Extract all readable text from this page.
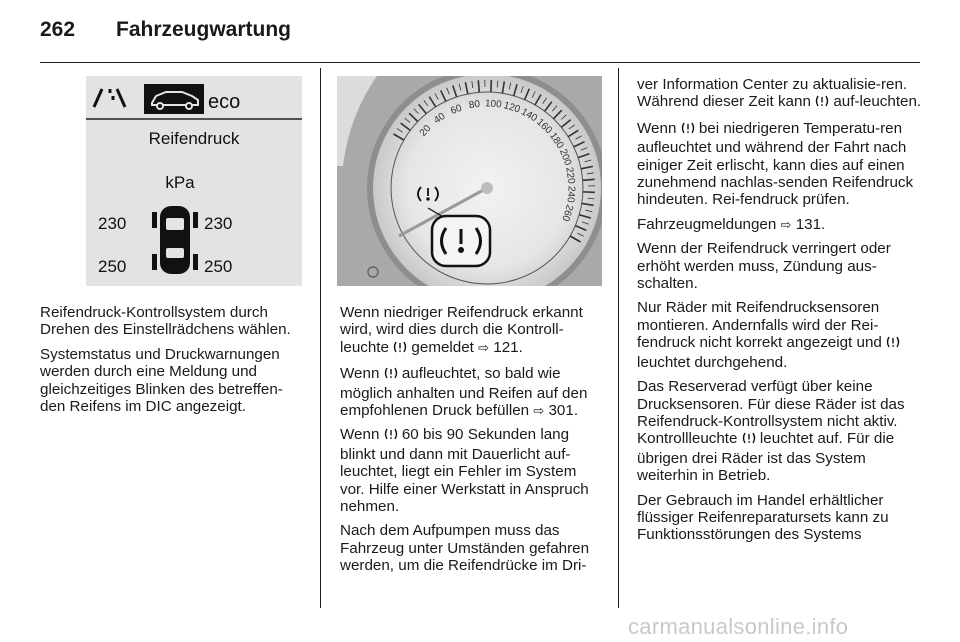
262 Fahrzeugwartung
eco
Reifendruck
kPa
230	230
250	250
20
40
60 80 100 120
140
160
180
200
220
240
260

Reifendruck-Kontrollsystem durch Drehen des Einstellrädchens wählen.

Systemstatus und Druckwarnungen werden durch eine Meldung und gleichzeitiges Blinken des betreffen-den Reifens im DIC angezeigt.

Wenn niedriger Reifendruck erkannt wird, wird dies durch die Kontroll-leuchte  gemeldet ⇨ 121.

Wenn  aufleuchtet, so bald wie möglich anhalten und Reifen auf den empfohlenen Druck befüllen ⇨ 301.

Wenn  60 bis 90 Sekunden lang blinkt und dann mit Dauerlicht auf-leuchtet, liegt ein Fehler im System vor. Hilfe einer Werkstatt in Anspruch nehmen.

Nach dem Aufpumpen muss das Fahrzeug unter Umständen gefahren werden, um die Reifendrücke im Dri-

ver Information Center zu aktualisie-ren. Während dieser Zeit kann  auf-leuchten.

Wenn  bei niedrigeren Temperatu-ren aufleuchtet und während der Fahrt nach einiger Zeit erlischt, kann dies auf einen zunehmend nachlas-senden Reifendruck hindeuten. Rei-fendruck prüfen.

Fahrzeugmeldungen ⇨ 131.

Wenn der Reifendruck verringert oder erhöht werden muss, Zündung aus-schalten.

Nur Räder mit Reifendrucksensoren montieren. Andernfalls wird der Rei-fendruck nicht korrekt angezeigt und  leuchtet durchgehend.

Das Reserverad verfügt über keine Drucksensoren. Für diese Räder ist das Reifendruck-Kontrollsystem nicht aktiv. Kontrollleuchte  leuchtet auf. Für die übrigen drei Räder ist das System weiterhin in Betrieb.

Der Gebrauch im Handel erhältlicher flüssiger Reifenreparatursets kann zu Funktionsstörungen des Systems

carmanualsonline.info
